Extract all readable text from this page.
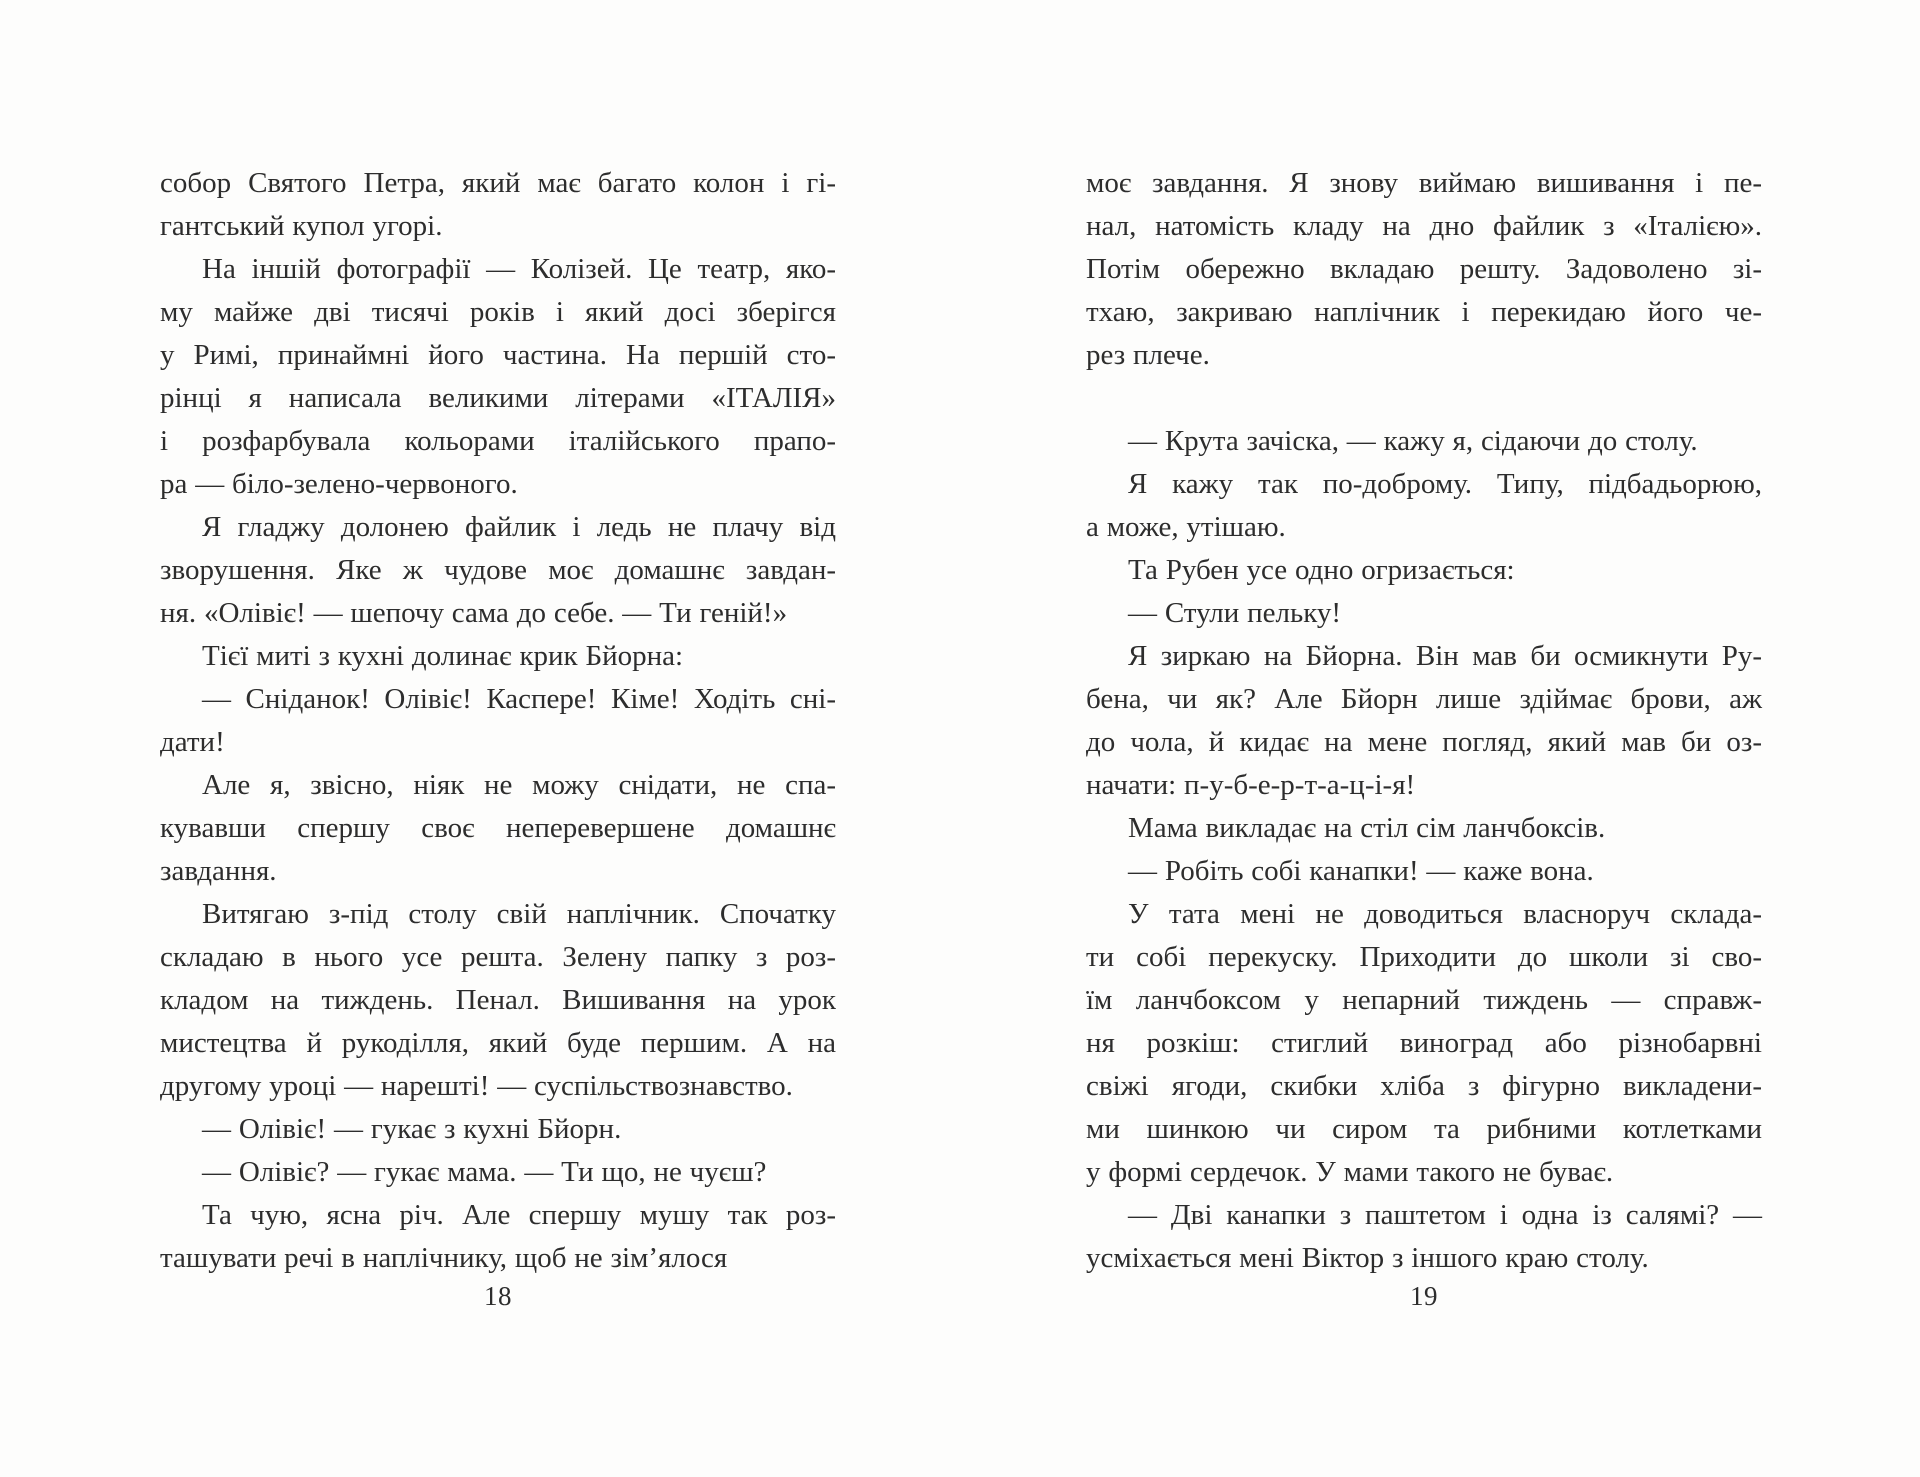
собор Святого Петра, який має багато колон і гі-
гантський купол угорі.
На іншій фотографії — Колізей. Це театр, яко-
му майже дві тисячі років і який досі зберігся
у Римі, принаймні його частина. На першій сто-
рінці я написала великими літерами «ІТАЛІЯ»
і розфарбувала кольорами італійського прапо-
ра — біло-зелено-червоного.
Я гладжу долонею файлик і ледь не плачу від
зворушення. Яке ж чудове моє домашнє завдан-
ня. «Олівіє! — шепочу сама до себе. — Ти геній!»
Тієї миті з кухні долинає крик Бйорна:
— Сніданок! Олівіє! Каспере! Кіме! Ходіть сні-
дати!
Але я, звісно, ніяк не можу снідати, не спа-
кувавши спершу своє неперевершене домашнє
завдання.
Витягаю з-під столу свій наплічник. Спочатку
складаю в нього усе решта. Зелену папку з роз-
кладом на тиждень. Пенал. Вишивання на урок
мистецтва й рукоділля, який буде першим. А на
другому уроці — нарешті! — суспільствознавство.
— Олівіє! — гукає з кухні Бйорн.
— Олівіє? — гукає мама. — Ти що, не чуєш?
Та чую, ясна річ. Але спершу мушу так роз-
ташувати речі в наплічнику, щоб не зім’ялося
18
моє завдання. Я знову виймаю вишивання і пе-
нал, натомість кладу на дно файлик з «Італією».
Потім обережно вкладаю решту. Задоволено зі-
тхаю, закриваю наплічник і перекидаю його че-
рез плече.
— Крута зачіска, — кажу я, сідаючи до столу.
Я кажу так по-доброму. Типу, підбадьорюю,
а може, утішаю.
Та Рубен усе одно огризається:
— Стули пельку!
Я зиркаю на Бйорна. Він мав би осмикнути Ру-
бена, чи як? Але Бйорн лише здіймає брови, аж
до чола, й кидає на мене погляд, який мав би оз-
начати: п-у-б-е-р-т-а-ц-і-я!
Мама викладає на стіл сім ланчбоксів.
— Робіть собі канапки! — каже вона.
У тата мені не доводиться власноруч склада-
ти собі перекуску. Приходити до школи зі сво-
їм ланчбоксом у непарний тиждень — справж-
ня розкіш: стиглий виноград або різнобарвні
свіжі ягоди, скибки хліба з фігурно викладени-
ми шинкою чи сиром та рибними котлетками
у формі сердечок. У мами такого не буває.
— Дві канапки з паштетом і одна із салямі? —
усміхається мені Віктор з іншого краю столу.
19
